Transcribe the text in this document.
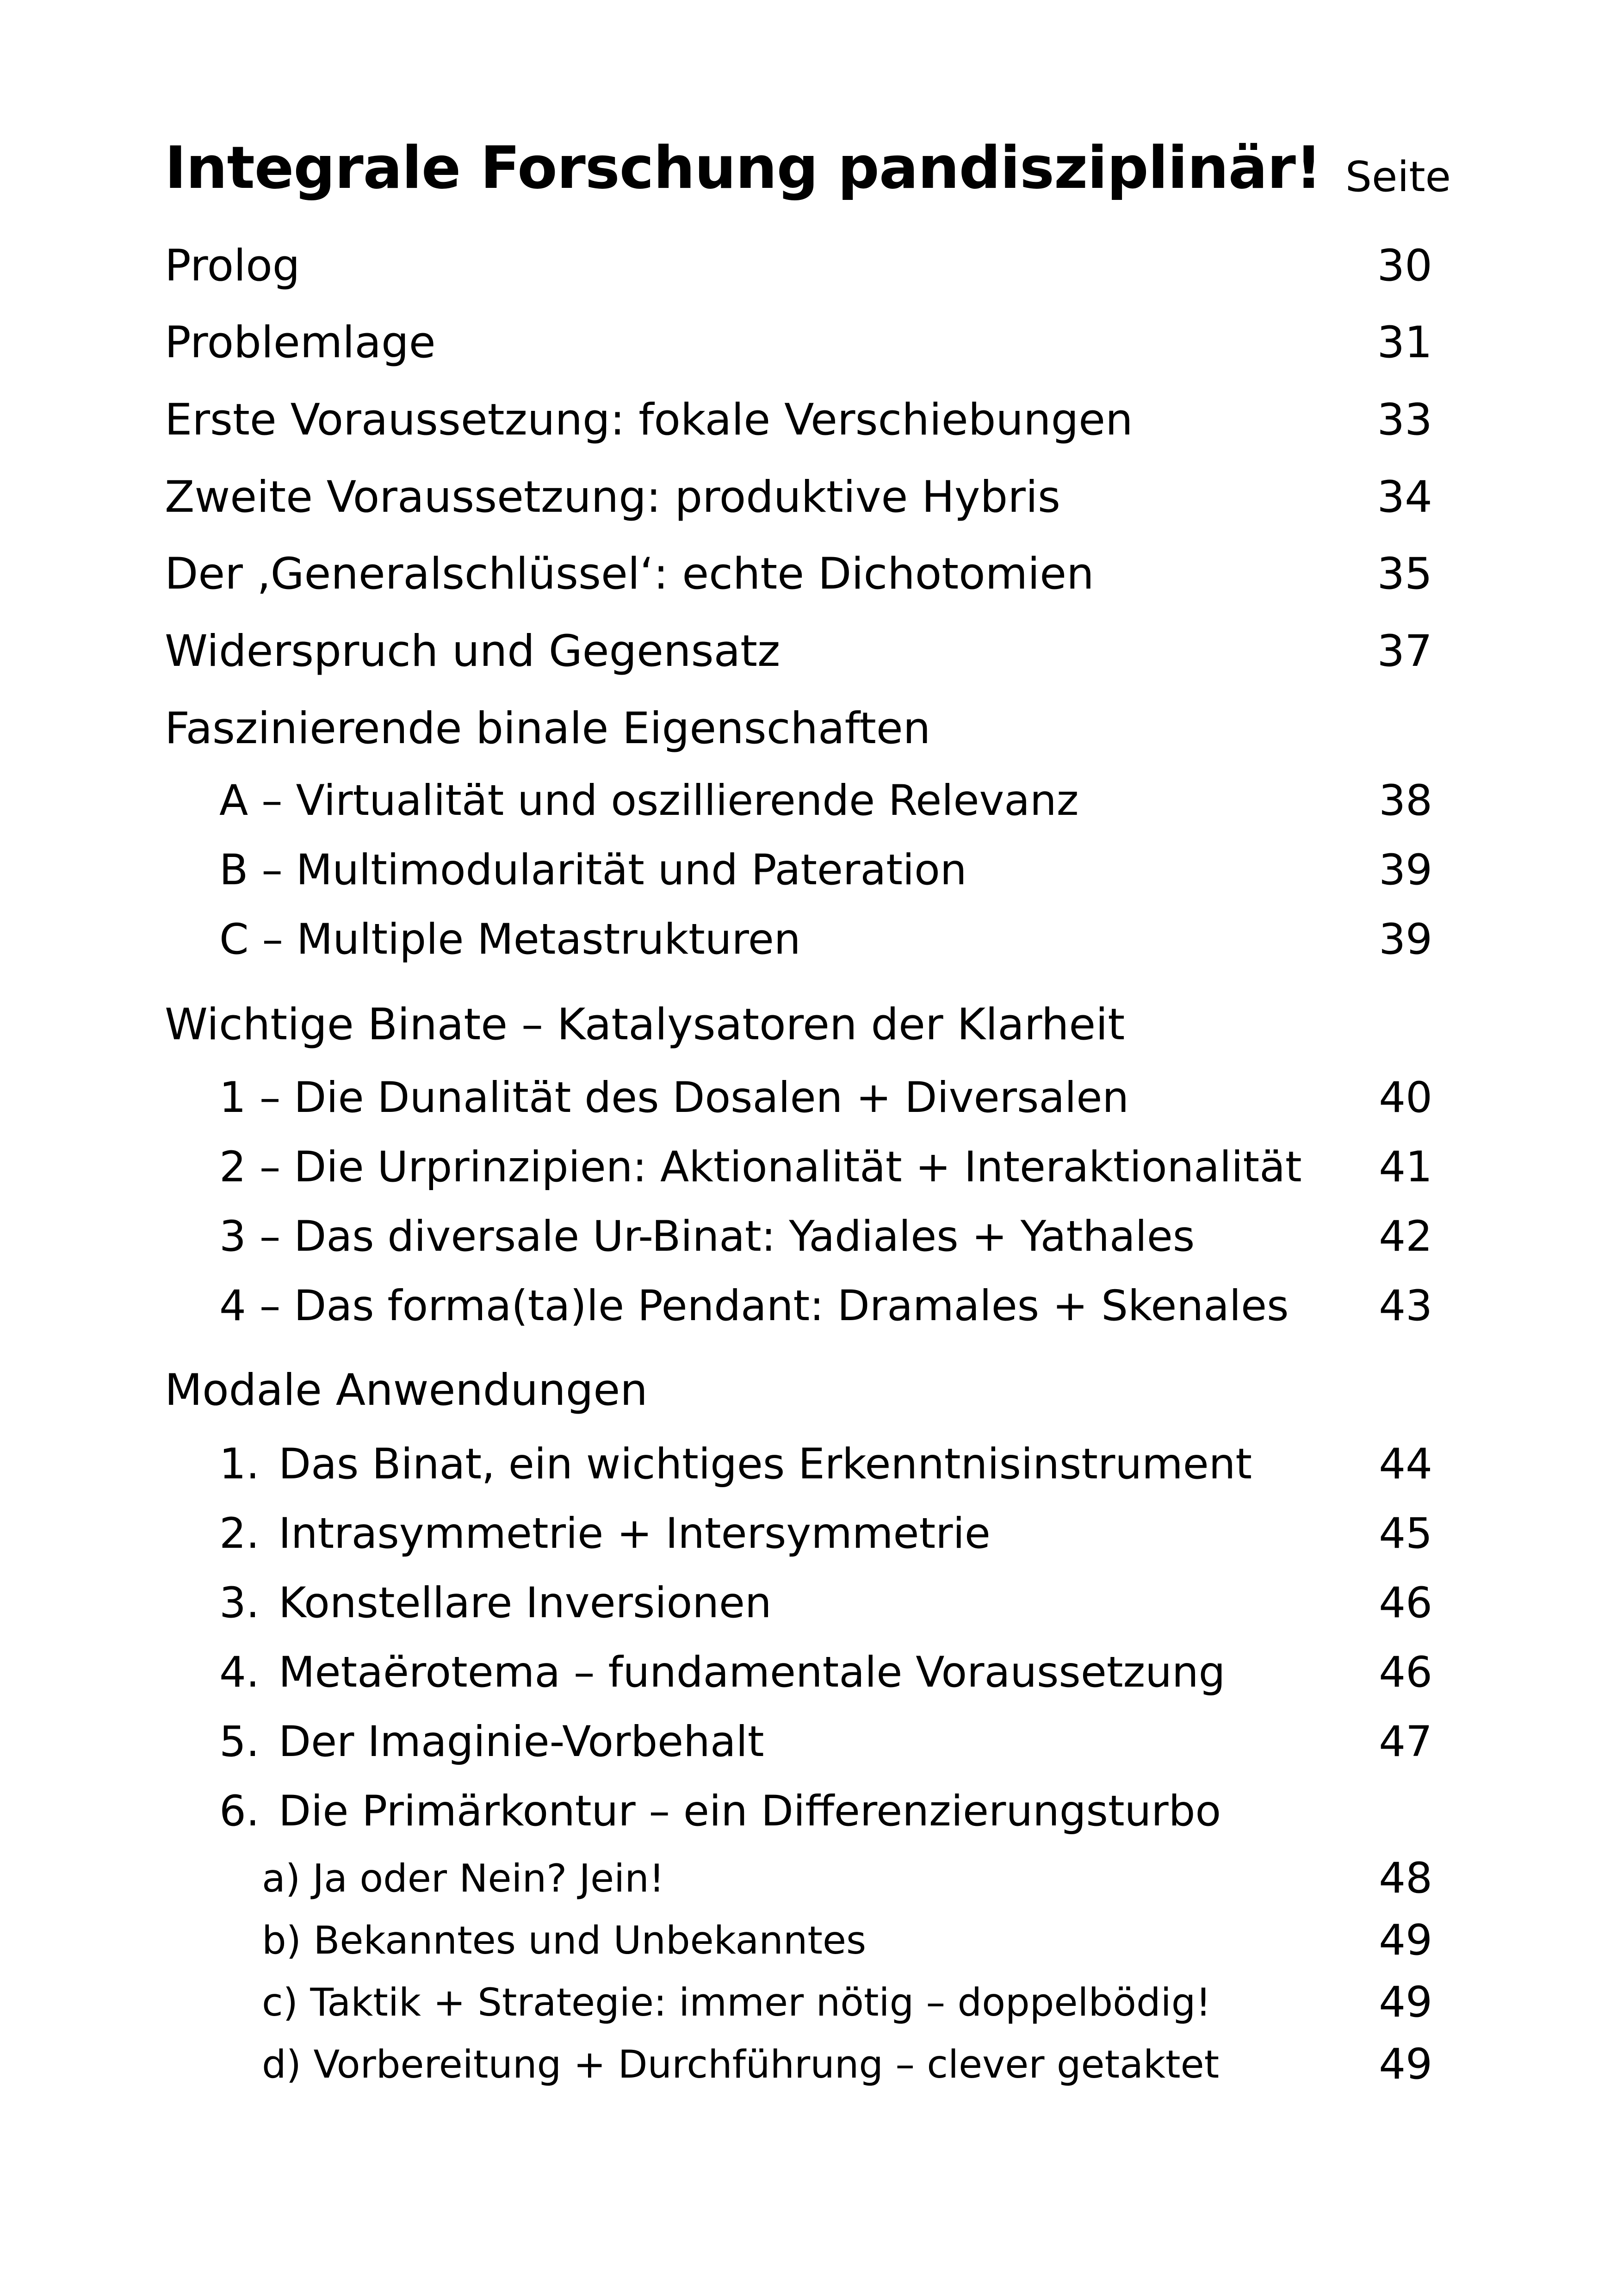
Integrale Forschung pandisziplinär! Seite
Prolog	30
Problemlage	31
Erste Voraussetzung: fokale Verschiebungen	33
Zweite Voraussetzung: produktive Hybris	34
Der ‚Generalschlüssel‘: echte Dichotomien	35
Widerspruch und Gegensatz	37
Faszinierende binale Eigenschaften
A – Virtualität und oszillierende Relevanz	38
B – Multimodularität und Pateration	39
C – Multiple Metastrukturen	39
Wichtige Binate – Katalysatoren der Klarheit
1 – Die Dunalität des Dosalen + Diversalen	40
2 – Die Urprinzipien: Aktionalität + Interaktionalität 41
3 – Das diversale Ur-Binat: Yadiales + Yathales	42
4 – Das forma(ta)le Pendant: Dramales + Skenales 43
Modale Anwendungen
1. Das Binat, ein wichtiges Erkenntnisinstrument	44
2. Intrasymmetrie + Intersymmetrie	45
3. Konstellare Inversionen	46
4. Metaërotema – fundamentale Voraussetzung	46
5. Der Imaginie-Vorbehalt	47
6. Die Primärkontur – ein Differenzierungsturbo
a) Ja oder Nein? Jein!	48
b) Bekanntes und Unbekanntes	49
c) Taktik + Strategie: immer nötig – doppelbödig!	49
d) Vorbereitung + Durchführung – clever getaktet	49
